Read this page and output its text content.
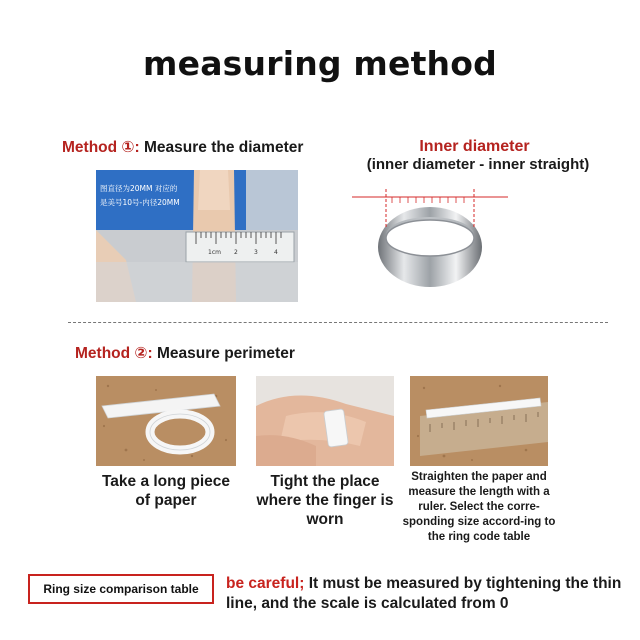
measuring method
Method ①: Measure the diameter	Inner diameter
(inner diameter - inner straight)
1cm 2	3	4
图直径为20MM 对应的
是美号10号-内径20MM
Method ②: Measure perimeter
Take a long piece of paper
Tight the place where the finger is worn
Straighten the paper and measure the length with a ruler. Select the corre-sponding size accord-ing to the ring code table
Ring size comparison table	be careful; It must be measured by tightening the thin line, and the scale is calculated from 0
